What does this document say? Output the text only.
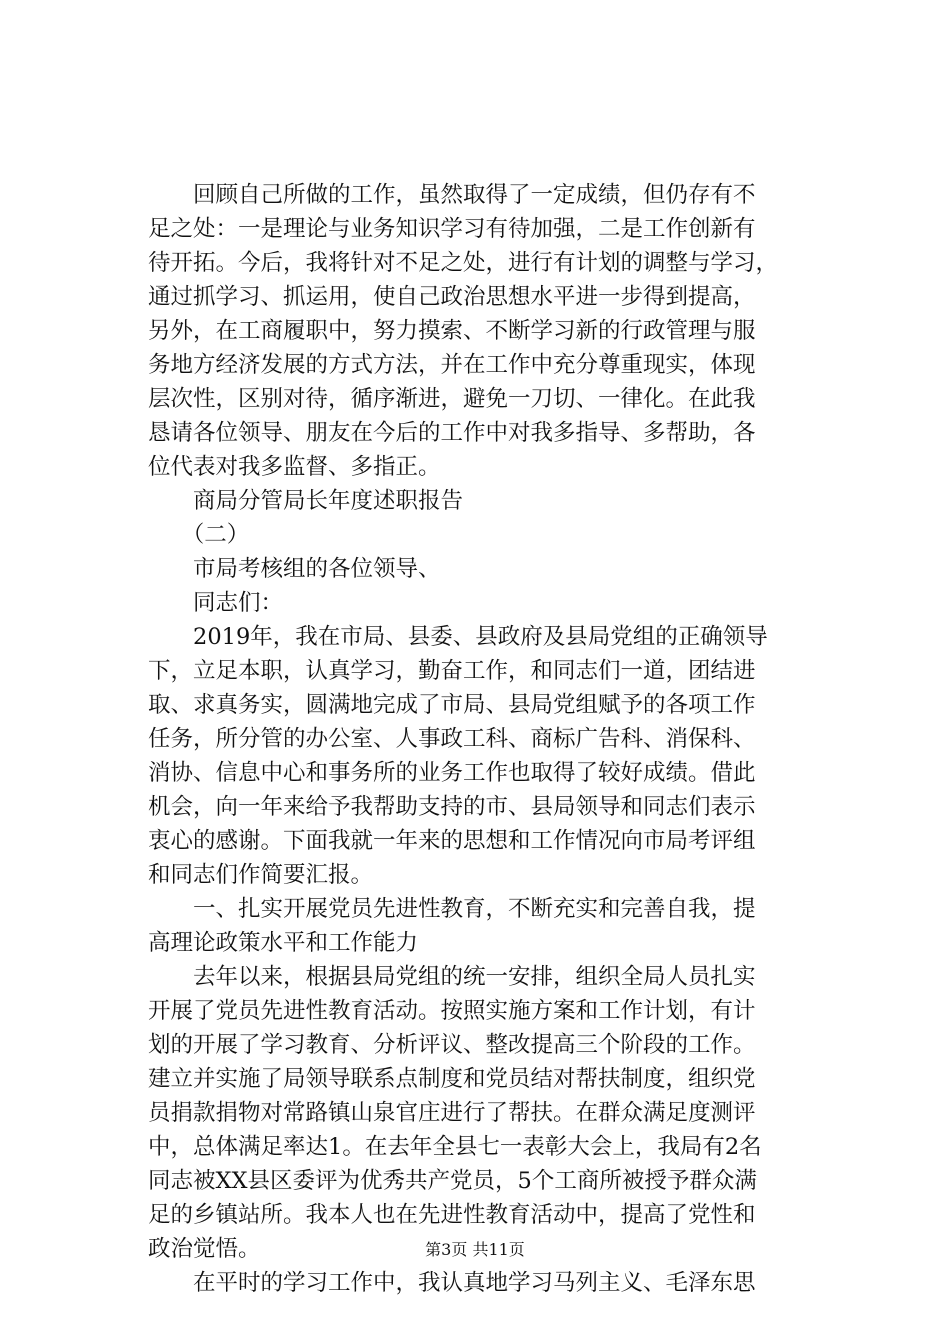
　　回顾自己所做的工作，虽然取得了一定成绩，但仍存有不
足之处：一是理论与业务知识学习有待加强，二是工作创新有
待开拓。今后，我将针对不足之处，进行有计划的调整与学习，
通过抓学习、抓运用，使自己政治思想水平进一步得到提高，
另外，在工商履职中，努力摸索、不断学习新的行政管理与服
务地方经济发展的方式方法，并在工作中充分尊重现实，体现
层次性，区别对待，循序渐进，避免一刀切、一律化。在此我
恳请各位领导、朋友在今后的工作中对我多指导、多帮助，各
位代表对我多监督、多指正。
　　商局分管局长年度述职报告
　　（二）
　　市局考核组的各位领导、
　　同志们：
　　2019年，我在市局、县委、县政府及县局党组的正确领导
下，立足本职，认真学习，勤奋工作，和同志们一道，团结进
取、求真务实，圆满地完成了市局、县局党组赋予的各项工作
任务，所分管的办公室、人事政工科、商标广告科、消保科、
消协、信息中心和事务所的业务工作也取得了较好成绩。借此
机会，向一年来给予我帮助支持的市、县局领导和同志们表示
衷心的感谢。下面我就一年来的思想和工作情况向市局考评组
和同志们作简要汇报。
　　一、扎实开展党员先进性教育，不断充实和完善自我，提
高理论政策水平和工作能力
　　去年以来，根据县局党组的统一安排，组织全局人员扎实
开展了党员先进性教育活动。按照实施方案和工作计划，有计
划的开展了学习教育、分析评议、整改提高三个阶段的工作。
建立并实施了局领导联系点制度和党员结对帮扶制度，组织党
员捐款捐物对常路镇山泉官庄进行了帮扶。在群众满足度测评
中，总体满足率达1。在去年全县七一表彰大会上，我局有2名
同志被XX县区委评为优秀共产党员，5个工商所被授予群众满
足的乡镇站所。我本人也在先进性教育活动中，提高了党性和
政治觉悟。
　　在平时的学习工作中，我认真地学习马列主义、毛泽东思
第3页 共11页
